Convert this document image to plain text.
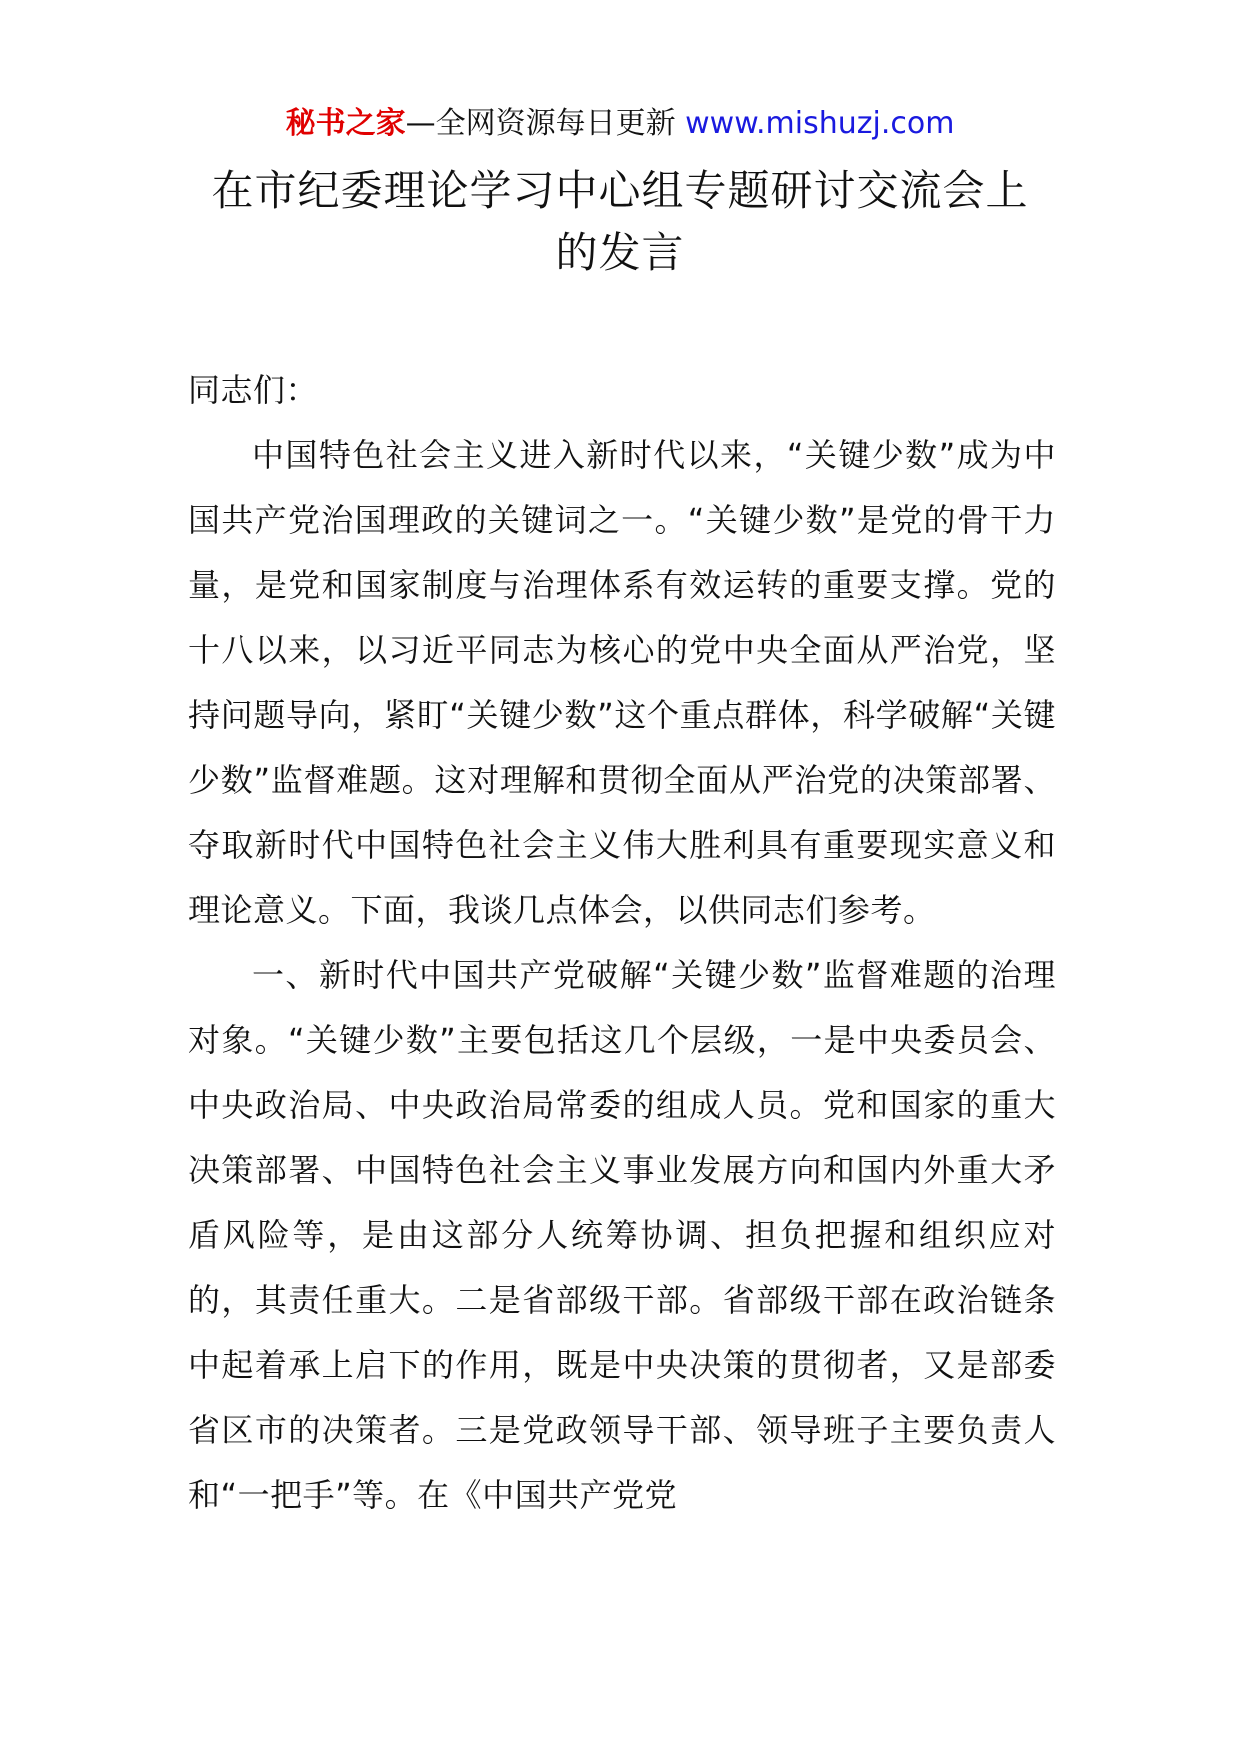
秘书之家—全网资源每日更新 www.mishuzj.com
在市纪委理论学习中心组专题研讨交流会上的发言

同志们：

中国特色社会主义进入新时代以来，“关键少数”成为中国共产党治国理政的关键词之一。“关键少数”是党的骨干力量，是党和国家制度与治理体系有效运转的重要支撑。党的十八以来，以习近平同志为核心的党中央全面从严治党，坚持问题导向，紧盯“关键少数”这个重点群体，科学破解“关键少数”监督难题。这对理解和贯彻全面从严治党的决策部署、夺取新时代中国特色社会主义伟大胜利具有重要现实意义和理论意义。下面，我谈几点体会，以供同志们参考。

一、新时代中国共产党破解“关键少数”监督难题的治理对象。“关键少数”主要包括这几个层级，一是中央委员会、中央政治局、中央政治局常委的组成人员。党和国家的重大决策部署、中国特色社会主义事业发展方向和国内外重大矛盾风险等，是由这部分人统筹协调、担负把握和组织应对的，其责任重大。二是省部级干部。省部级干部在政治链条中起着承上启下的作用，既是中央决策的贯彻者，又是部委省区市的决策者。三是党政领导干部、领导班子主要负责人和“一把手”等。在《中国共产党党
